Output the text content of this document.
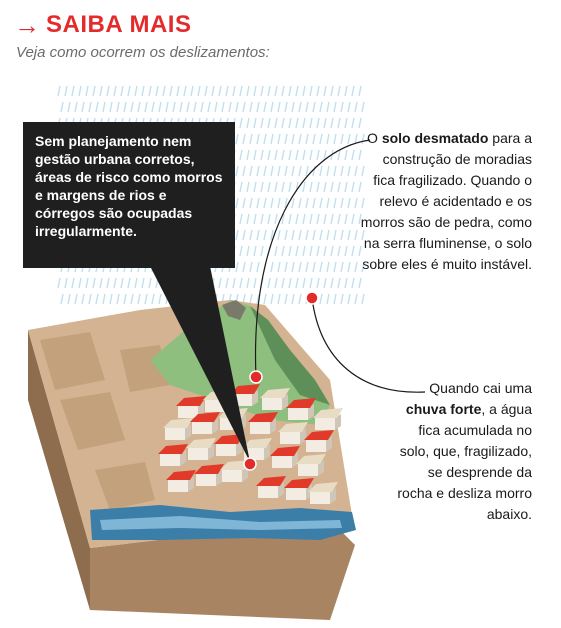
→ SAIBA MAIS
Veja como ocorrem os deslizamentos:
Sem planejamento nem gestão urbana corretos, áreas de risco como morros e margens de rios e córregos são ocupadas irregularmente.
O solo desmatado para a construção de moradias fica fragilizado. Quando o relevo é acidentado e os morros são de pedra, como na serra fluminense, o solo sobre eles é muito instável.
Quando cai uma chuva forte, a água fica acumulada no solo, que, fragilizado, se desprende da rocha e desliza morro abaixo.
